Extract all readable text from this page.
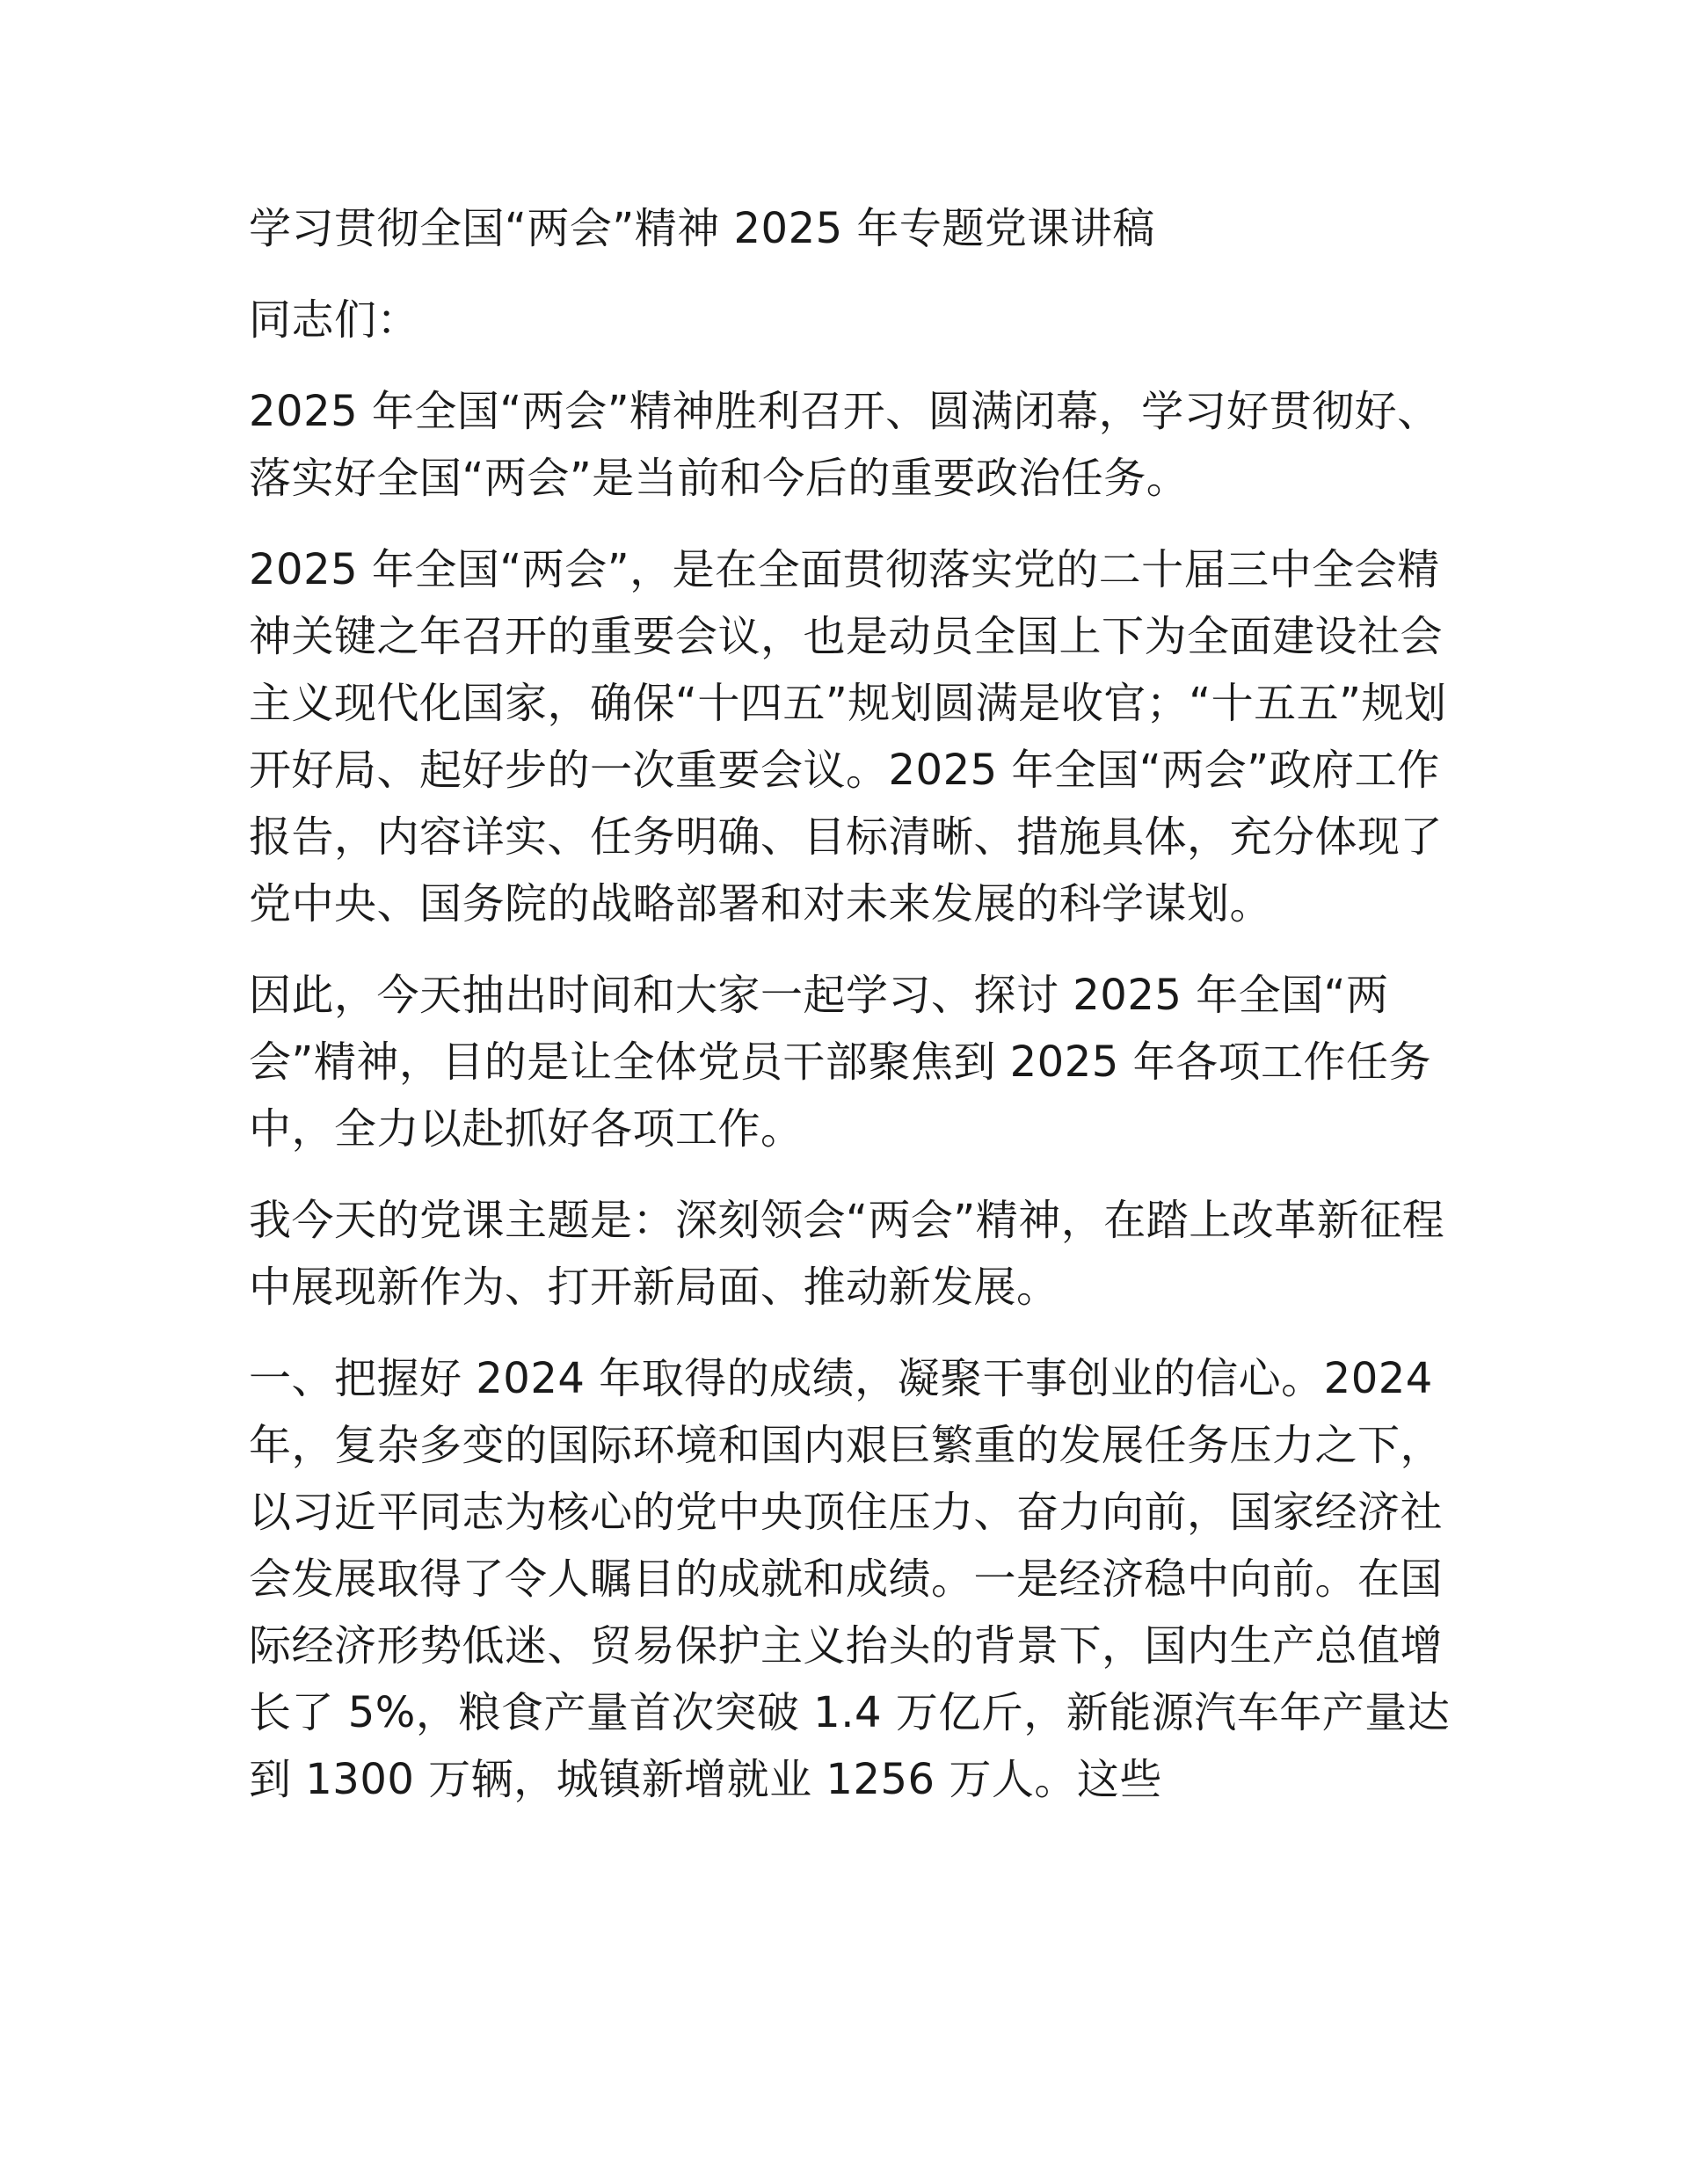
学习贯彻全国“两会”精神 2025 年专题党课讲稿

同志们：

2025 年全国“两会”精神胜利召开、圆满闭幕，学习好贯彻好、落实好全国“两会”是当前和今后的重要政治任务。

2025 年全国“两会”，是在全面贯彻落实党的二十届三中全会精神关键之年召开的重要会议，也是动员全国上下为全面建设社会主义现代化国家，确保“十四五”规划圆满是收官；“十五五”规划开好局、起好步的一次重要会议。2025 年全国“两会”政府工作报告，内容详实、任务明确、目标清晰、措施具体，充分体现了党中央、国务院的战略部署和对未来发展的科学谋划。

因此，今天抽出时间和大家一起学习、探讨 2025 年全国“两会”精神，目的是让全体党员干部聚焦到 2025 年各项工作任务中，全力以赴抓好各项工作。

我今天的党课主题是：深刻领会“两会”精神，在踏上改革新征程中展现新作为、打开新局面、推动新发展。

一、把握好 2024 年取得的成绩，凝聚干事创业的信心。2024 年，复杂多变的国际环境和国内艰巨繁重的发展任务压力之下，以习近平同志为核心的党中央顶住压力、奋力向前，国家经济社会发展取得了令人瞩目的成就和成绩。一是经济稳中向前。在国际经济形势低迷、贸易保护主义抬头的背景下，国内生产总值增长了 5%，粮食产量首次突破 1.4 万亿斤，新能源汽车年产量达到 1300 万辆，城镇新增就业 1256 万人。这些
